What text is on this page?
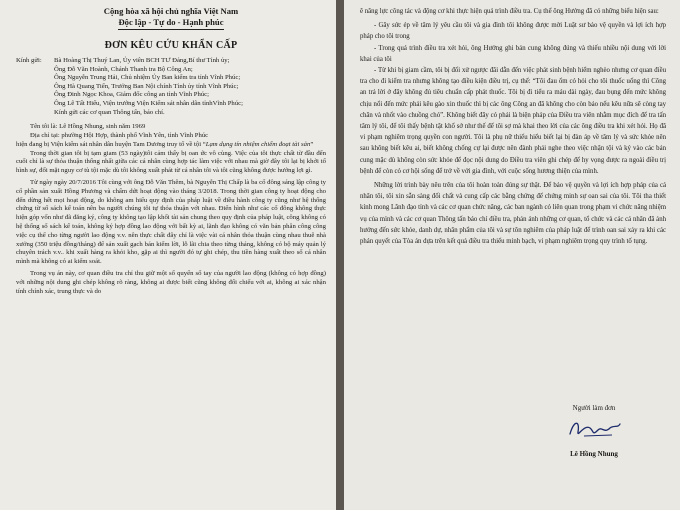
Cộng hòa xã hội chủ nghĩa Việt Nam
Độc lập - Tự do - Hạnh phúc
ĐƠN KÊU CỨU KHẨN CẤP
Kính gửi:	Bà Hoàng Thị Thuý Lan, Ủy viên BCH TƯ Đảng,Bí thư Tỉnh ủy;
Ông Đỗ Văn Hoành, Chánh Thanh tra Bộ Công An;
Ông Nguyễn Trung Hải, Chủ nhiệm Ủy Ban kiểm tra tỉnh Vĩnh Phúc;
Ông Hà Quang Tiến, Trưởng Ban Nội chính Tỉnh ủy tỉnh Vĩnh Phúc;
Ông Đinh Ngọc Khoa, Giám đốc công an tỉnh Vĩnh Phúc;
Ông Lê Tất Hiếu, Viện trưởng Viện Kiểm sát nhân dân tỉnhVĩnh Phúc;
Kính gửi các cơ quan Thông tấn, báo chí.

Tên tôi là: Lê Hồng Nhung, sinh năm 1969

Địa chỉ tại: phường Hội Hợp, thành phố Vĩnh Yên, tỉnh Vĩnh Phúc
hiện đang bị Viện kiểm sát nhân dân huyện Tam Dương truy tố về tội “Lạm dụng tín nhiệm chiếm đoạt tài sản”

Trong thời gian tôi bị tạm giam (53 ngày)tôi cảm thấy bị oan ức vô cùng. Việc của tôi thực chất từ đầu đến cuối chỉ là sự thỏa thuận thống nhất giữa các cá nhân cùng hợp tác làm việc với nhau mà giờ đây tôi lại bị khởi tố hình sự, đối mặt nguy cơ tù tội mặc dù tôi không xuất phát từ cá nhân tôi và tôi cũng không được hưởng lợi gì.

Từ ngày ngày 20/7/2016 Tôi cùng với ông Đỗ Văn Thêm, bà Nguyễn Thị Chấp là ba cổ đông sáng lập công ty cổ phần sản xuất Hồng Phương và chấm dứt hoạt động vào tháng 3/2018. Trong thời gian công ty hoạt động cho đến dừng hết mọi hoạt động, do không am hiểu quy định của pháp luật về điều hành công ty cũng như hệ thống chứng từ sổ sách kế toán nên ba người chúng tôi tự thỏa thuận với nhau. Điển hình như các cổ đông không thực hiện góp vốn như đã đăng ký, công ty không tạo lập khối tài sản chung theo quy định của pháp luật, công không có hệ thống sổ sách kế toán, không ký hợp đồng lao động với bất kỳ ai, lãnh đạo không có văn bản phân công công việc cụ thể cho từng người lao động v.v. nên thực chất đây chỉ là việc vài cá nhân thỏa thuận cùng nhau thuê nhà xưởng (350 triệu đồng/tháng) để sản xuất gạch bán kiếm lời, lỗ lãi chia theo từng tháng, không có bộ máy quản lý chuyên trách v.v.. khi xuất hàng ra khỏi kho, gặp ai thì người đó tự ghi chép, thu tiền hàng xuất theo số cá nhân mình mà không có ai kiểm soát.

Trong vụ án này, cơ quan điều tra chỉ thu giữ một số quyển sổ tay của người lao động (không có hợp đồng) với những nội dung ghi chép không rõ ràng, không ai được biết cũng không đối chiếu với ai, không ai xác nhận tính chính xác, trung thực và do

ê năng lực công tác và động cơ khi thực hiện quá trình điều tra. Cụ thể ông Hưởng đã có những biểu hiện sau:

- Gây sức ép về tâm lý yêu cầu tôi và gia đình tôi không được mời Luật sư bảo vệ quyền và lợi ích hợp pháp cho tôi trong

- Trong quá trình điều tra xét hỏi, ông Hưởng ghi bản cung không đúng và thiếu nhiều nội dung với lời khai của tôi

- Từ khi bị giam cầm, tôi bị đối xử ngược đãi dẫn đến việc phát sinh bệnh hiểm nghèo nhưng cơ quan điều tra cho đi kiểm tra nhưng không tạo điều kiện điều trị, cụ thể: “Tôi đau ốm có hỏi cho tôi thuốc uống thì Công an trả lời ở đây không đủ tiêu chuẩn cấp phát thuốc. Tôi bị đi tiểu ra máu dài ngày, đau bụng đến mức không chịu nổi đến mức phải kêu gào xin thuốc thì bị các ông Công an đã không cho còn bảo nếu kêu nữa sẽ còng tay chân và nhốt vào chuồng chó”. Không biết đây có phải là biện pháp của Điều tra viên nhằm mục đích để tra tấn tâm lý tôi, để tôi thấy bệnh tật khổ sở như thế để tôi sợ mà khai theo lời của các ông điều tra khi xét hỏi. Họ đã vi phạm nghiêm trọng quyền con người. Tôi là phụ nữ thiếu hiểu biết lại bị đàn áp về tâm lý và sức khỏe nên sau không biết kêu ai, biết không chống cự lại được nên đành phải nghe theo việc nhận tội và ký vào các bản cung mặc dù không còn sức khỏe để đọc nội dung do Điều tra viên ghi chép để hy vọng được ra ngoài điều trị bệnh để còn có cơ hội sống để trở về với gia đình, với cuộc sống hương thiện của mình.

Những lời trình bày nêu trên của tôi hoàn toàn đúng sự thật. Để bảo vệ quyền và lợi ích hợp pháp của cá nhân tôi, tôi xin sẵn sàng đối chất và cung cấp các bằng chứng để chứng minh sự oan sai của tôi. Tôi tha thiết kính mong Lãnh đạo tỉnh và các cơ quan chức năng, các ban ngành có liên quan trong phạm vi chức năng nhiệm vụ của mình và các cơ quan Thông tấn báo chí điều tra, phản ánh những cơ quan, tổ chức và các cá nhân đã ảnh hưởng đến sức khỏe, danh dự, nhân phẩm của tôi và sự tôn nghiêm của pháp luật để trình oan sai xảy ra khi các phán quyết của Tòa án dựa trên kết quả điều tra thiếu minh bạch, vi phạm nghiêm trọng quy trình tố tụng.

Người làm đơn
Lê Hồng Nhung
